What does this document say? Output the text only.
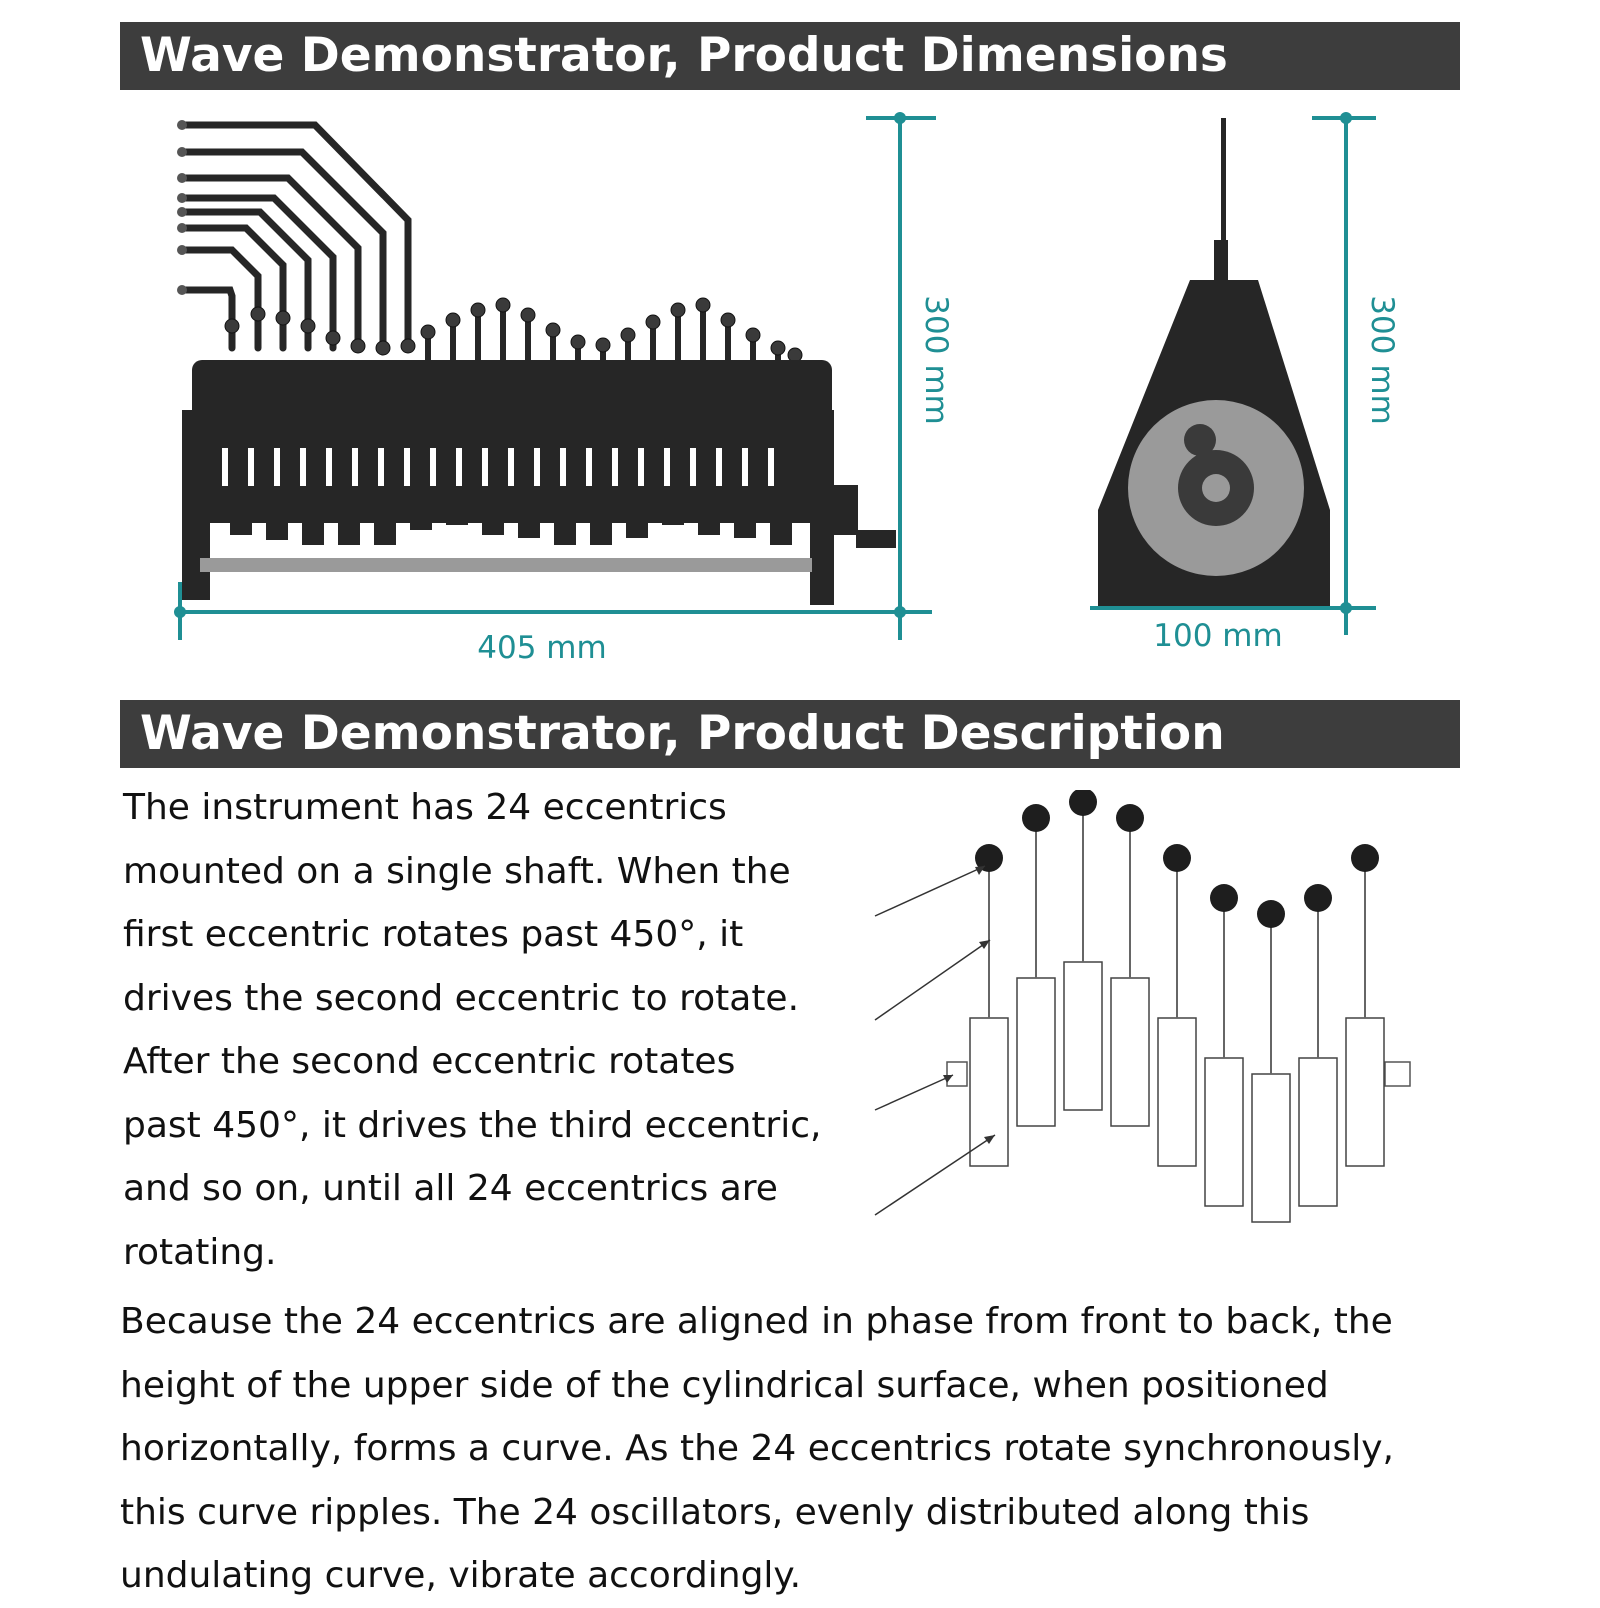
Wave Demonstrator, Product Dimensions
405 mm
300 mm
100 mm
300 mm
Wave Demonstrator, Product Description

The instrument has 24 eccentrics mounted on a single shaft. When the first eccentric rotates past 450°, it drives the second eccentric to rotate. After the second eccentric rotates past 450°, it drives the third eccentric, and so on, until all 24 eccentrics are rotating.

Because the 24 eccentrics are aligned in phase from front to back, the height of the upper side of the cylindrical surface, when positioned horizontally, forms a curve. As the 24 eccentrics rotate synchronously, this curve ripples. The 24 oscillators, evenly distributed along this undulating curve, vibrate accordingly.
